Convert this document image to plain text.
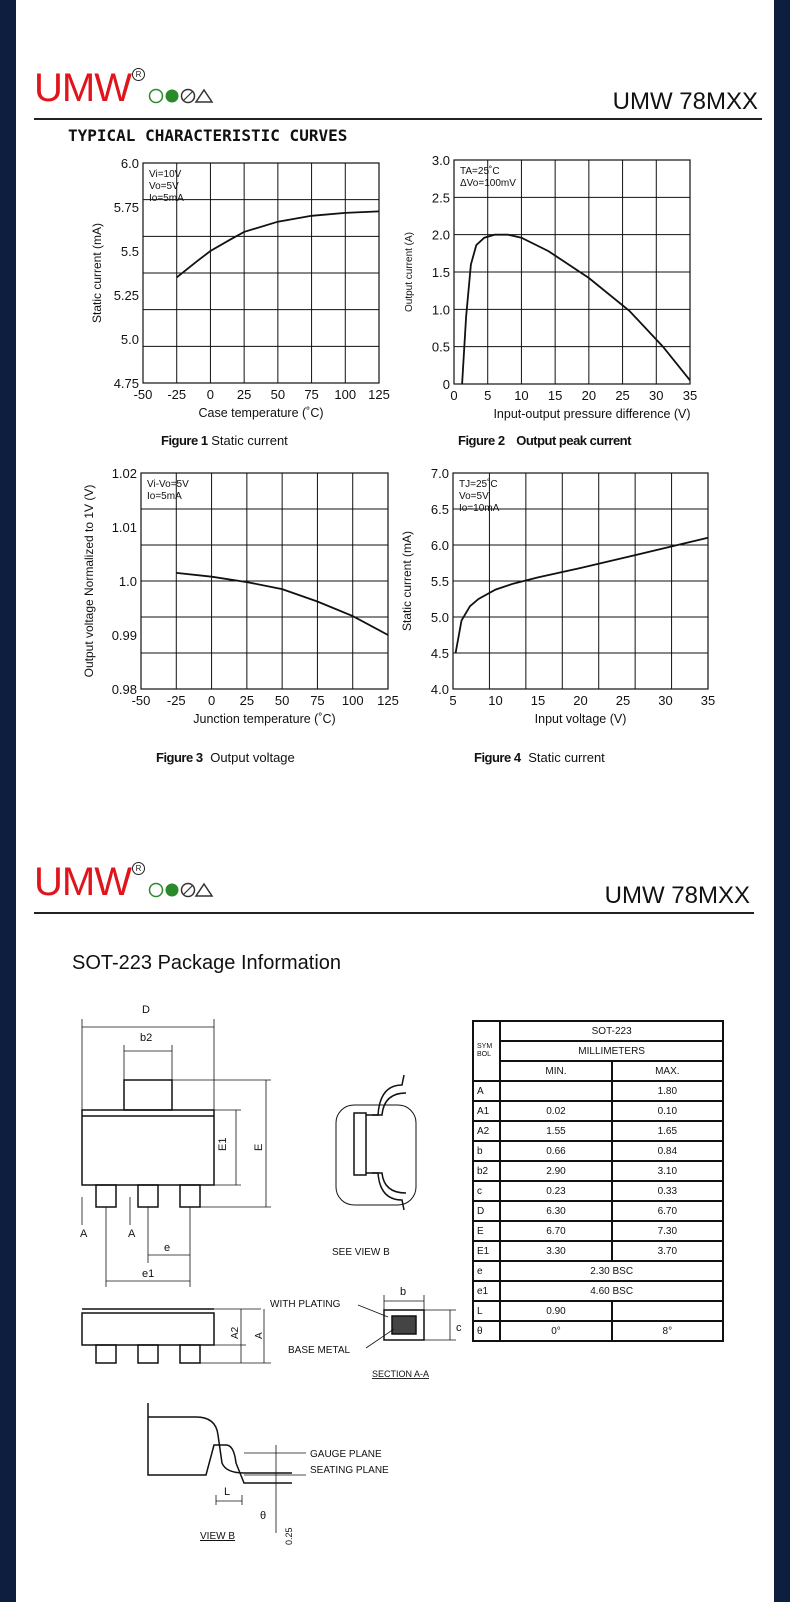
UMW R
UMW 78MXX
TYPICAL CHARACTERISTIC CURVES
-50 -25 0 25 50 75 100 125
6.0
5.75
5.5
5.25
5.0
4.75
Case temperature (˚C)
Static current (mA)
Vi=10V
Vo=5V
Io=5mA
0 5 10 15 20 25 30 35
3.0
2.5
2.0
1.5
1.0
0.5
0
Input-output pressure difference (V)
Output current (A)
TA=25˚C
ΔVo=100mV
-50 -25 0 25 50 75 100 125
1.02
1.01
1.0
0.99
0.98
Junction temperature (˚C)
Output voltage Normalized to 1V (V)
Vi-Vo=5V
Io=5mA
5 10 15 20 25 30 35
7.0
6.5
6.0
5.5
5.0
4.5
4.0
Input voltage (V)
Static current (mA)
TJ=25˚C
Vo=5V
Io=10mA
Figure 1 Static current	Figure 2 Output peak current
Figure 3 Output voltage	Figure 4 Static current
UMW R
UMW 78MXX
SOT-223 Package Information
D
b2
E1 E
A	A
e
e1
SEE VIEW B
A2 A
WITH PLATING
BASE METAL
b
c
SECTION A-A
GAUGE PLANE
SEATING PLANE
L
θ
VIEW B	0.25
SYMBOL	SOT-223	
	MILLIMETERS	
	MIN.	MAX.
A		1.80
A1	0.02	0.10
A2	1.55	1.65
b	0.66	0.84
b2	2.90	3.10
c	0.23	0.33
D	6.30	6.70
E	6.70	7.30
E1	3.30	3.70
e	2.30 BSC	
e1	4.60 BSC	
L	0.90	
θ	0°	8°
